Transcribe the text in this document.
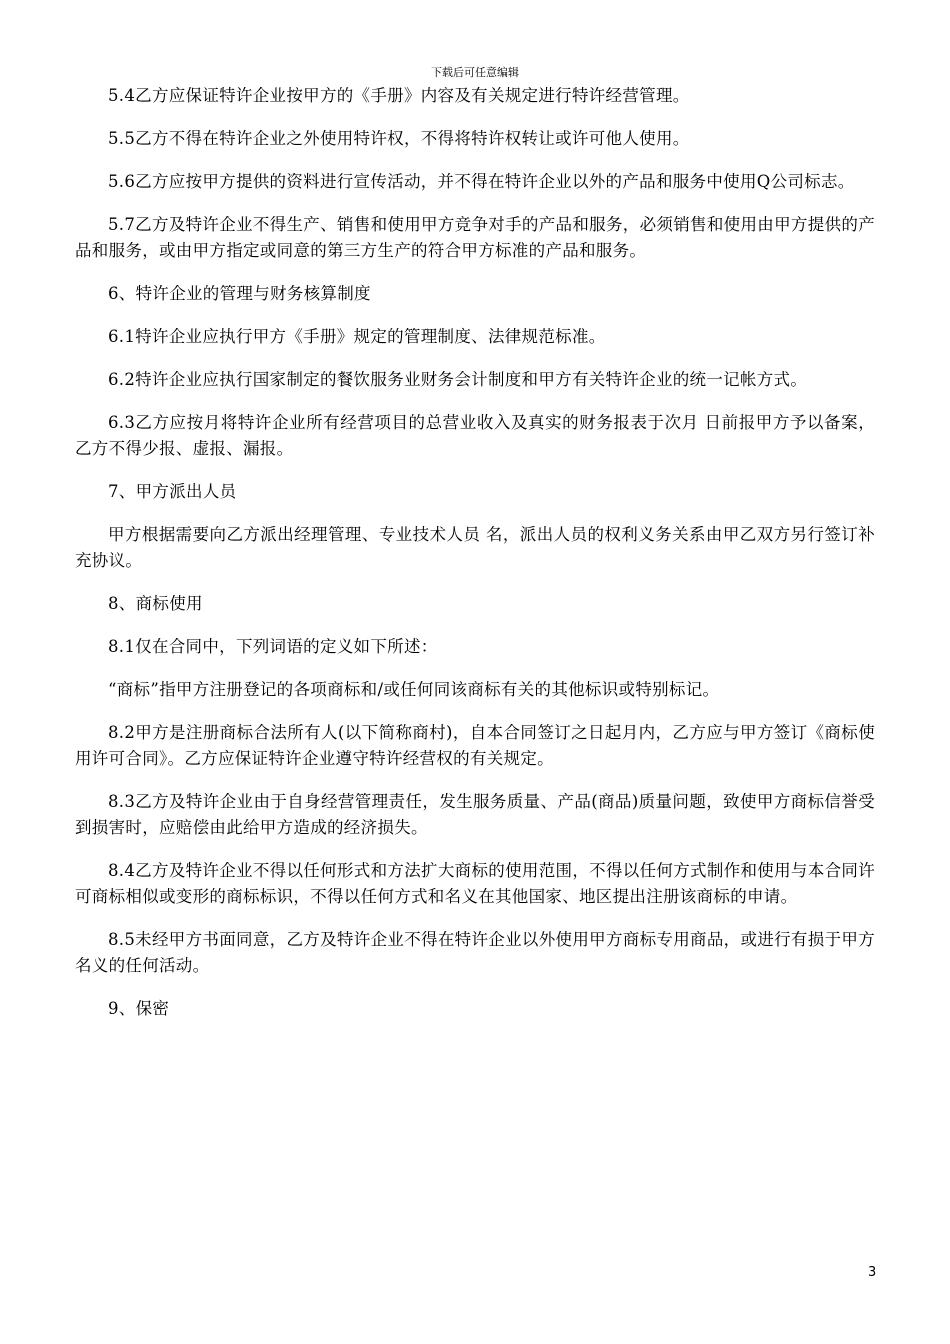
下载后可任意编辑

5.4乙方应保证特许企业按甲方的《手册》内容及有关规定进行特许经营管理。

5.5乙方不得在特许企业之外使用特许权，不得将特许权转让或许可他人使用。

5.6乙方应按甲方提供的资料进行宣传活动，并不得在特许企业以外的产品和服务中使用Q公司标志。

5.7乙方及特许企业不得生产、销售和使用甲方竞争对手的产品和服务，必须销售和使用由甲方提供的产品和服务，或由甲方指定或同意的第三方生产的符合甲方标准的产品和服务。

6、特许企业的管理与财务核算制度

6.1特许企业应执行甲方《手册》规定的管理制度、法律规范标准。

6.2特许企业应执行国家制定的餐饮服务业财务会计制度和甲方有关特许企业的统一记帐方式。

6.3乙方应按月将特许企业所有经营项目的总营业收入及真实的财务报表于次月 日前报甲方予以备案，乙方不得少报、虚报、漏报。

7、甲方派出人员

甲方根据需要向乙方派出经理管理、专业技术人员 名，派出人员的权利义务关系由甲乙双方另行签订补充协议。

8、商标使用

8.1仅在合同中，下列词语的定义如下所述：

“商标”指甲方注册登记的各项商标和/或任何同该商标有关的其他标识或特别标记。

8.2甲方是注册商标合法所有人(以下简称商村)，自本合同签订之日起月内，乙方应与甲方签订《商标使用许可合同》。乙方应保证特许企业遵守特许经营权的有关规定。

8.3乙方及特许企业由于自身经营管理责任，发生服务质量、产品(商品)质量问题，致使甲方商标信誉受到损害时，应赔偿由此给甲方造成的经济损失。

8.4乙方及特许企业不得以任何形式和方法扩大商标的使用范围，不得以任何方式制作和使用与本合同许可商标相似或变形的商标标识，不得以任何方式和名义在其他国家、地区提出注册该商标的申请。

8.5未经甲方书面同意，乙方及特许企业不得在特许企业以外使用甲方商标专用商品，或进行有损于甲方名义的任何活动。

9、保密

3
